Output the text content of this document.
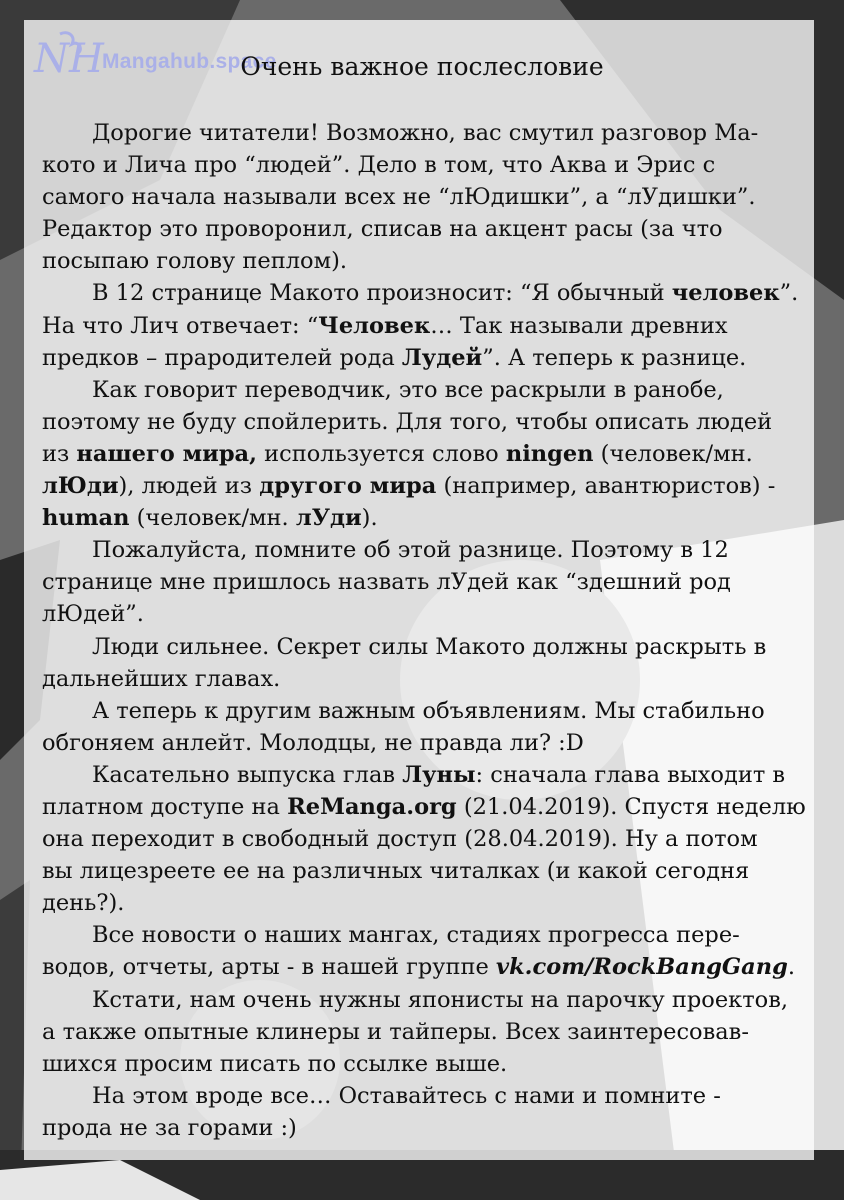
NH
Mangahub.space
Очень важное послесловие

Дорогие читатели! Возможно, вас смутил разговор Ма-
кото и Лича про “людей”. Дело в том, что Аква и Эрис с
самого начала называли всех не “лЮдишки”, а “лУдишки”.
Редактор это проворонил, списав на акцент расы (за что
посыпаю голову пеплом).

В 12 странице Макото произносит: “Я обычный человек”.
На что Лич отвечает: “Человек… Так называли древних
предков – прародителей рода Лудей”. А теперь к разнице.

Как говорит переводчик, это все раскрыли в ранобе,
поэтому не буду спойлерить. Для того, чтобы описать людей
из нашего мира, используется слово ningen (человек/мн.
лЮди), людей из другого мира (например, авантюристов) -
human (человек/мн. лУди).

Пожалуйста, помните об этой разнице. Поэтому в 12
странице мне пришлось назвать лУдей как “здешний род
лЮдей”.

Люди сильнее. Секрет силы Макото должны раскрыть в
дальнейших главах.

А теперь к другим важным объявлениям. Мы стабильно
обгоняем анлейт. Молодцы, не правда ли? :D

Касательно выпуска глав Луны: сначала глава выходит в
платном доступе на ReManga.org (21.04.2019). Спустя неделю
она переходит в свободный доступ (28.04.2019). Ну а потом
вы лицезреете ее на различных читалках (и какой сегодня
день?).

Все новости о наших мангах, стадиях прогресса пере-
водов, отчеты, арты - в нашей группе vk.com/RockBangGang.

Кстати, нам очень нужны японисты на парочку проектов,
а также опытные клинеры и тайперы. Всех заинтересовав-
шихся просим писать по ссылке выше.

На этом вроде все… Оставайтесь с нами и помните -
прода не за горами :)
